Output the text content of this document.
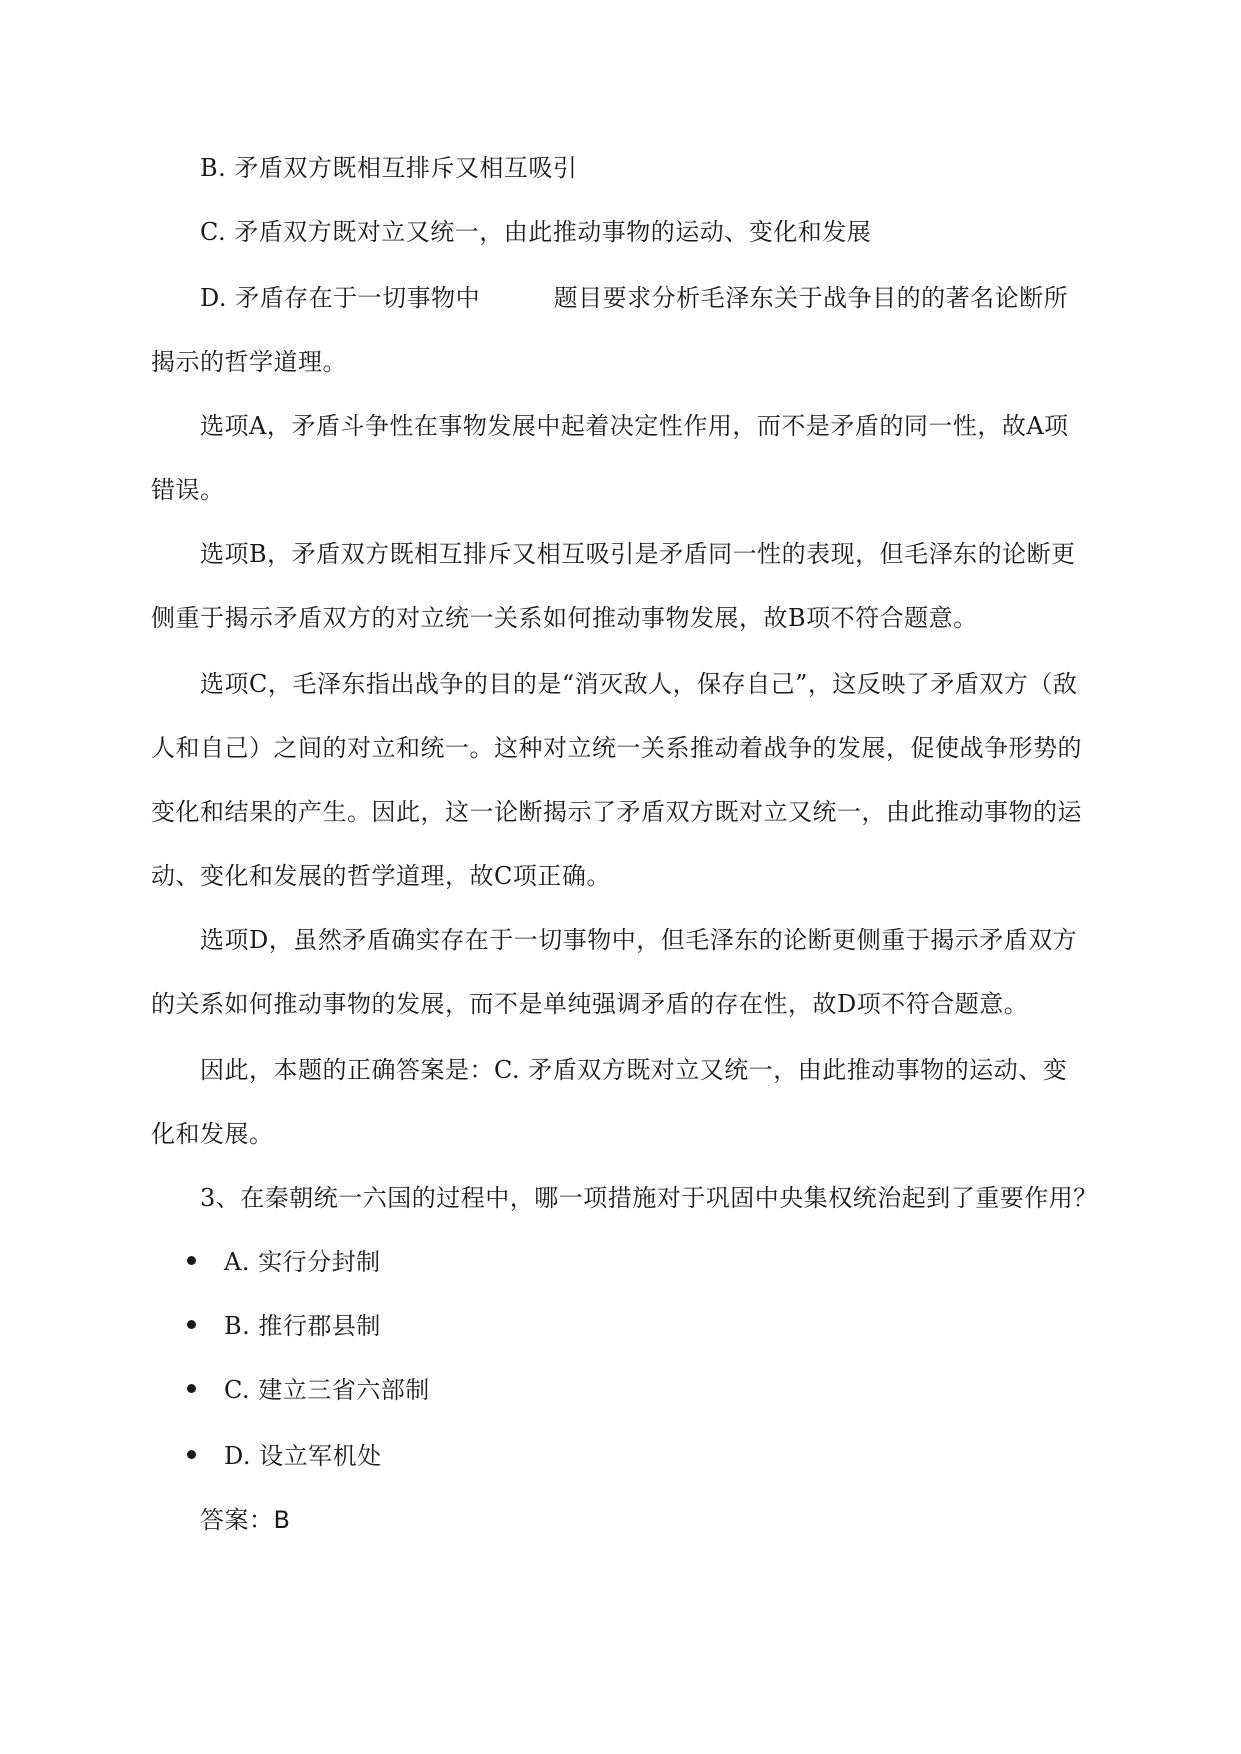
B. 矛盾双方既相互排斥又相互吸引
C. 矛盾双方既对立又统一，由此推动事物的运动、变化和发展
D. 矛盾存在于一切事物中　　　题目要求分析毛泽东关于战争目的的著名论断所
揭示的哲学道理。
选项A，矛盾斗争性在事物发展中起着决定性作用，而不是矛盾的同一性，故A项
错误。
选项B，矛盾双方既相互排斥又相互吸引是矛盾同一性的表现，但毛泽东的论断更
侧重于揭示矛盾双方的对立统一关系如何推动事物发展，故B项不符合题意。
选项C，毛泽东指出战争的目的是“消灭敌人，保存自己”，这反映了矛盾双方（敌
人和自己）之间的对立和统一。这种对立统一关系推动着战争的发展，促使战争形势的
变化和结果的产生。因此，这一论断揭示了矛盾双方既对立又统一，由此推动事物的运
动、变化和发展的哲学道理，故C项正确。
选项D，虽然矛盾确实存在于一切事物中，但毛泽东的论断更侧重于揭示矛盾双方
的关系如何推动事物的发展，而不是单纯强调矛盾的存在性，故D项不符合题意。
因此，本题的正确答案是：C. 矛盾双方既对立又统一，由此推动事物的运动、变
化和发展。
3、在秦朝统一六国的过程中，哪一项措施对于巩固中央集权统治起到了重要作用？
A. 实行分封制
B. 推行郡县制
C. 建立三省六部制
D. 设立军机处
答案：B
